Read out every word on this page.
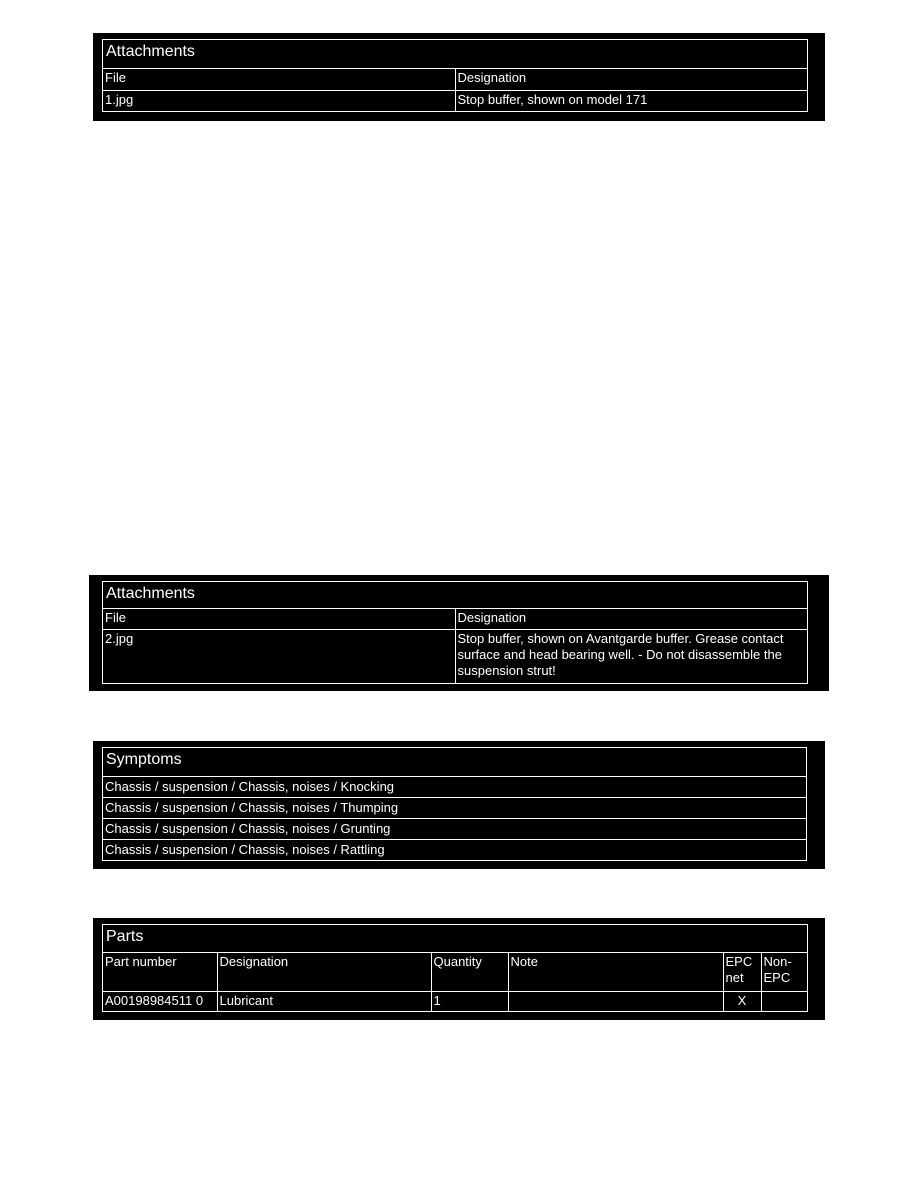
Attachments
File	Designation
1.jpg	Stop buffer, shown on model 171
Attachments
File	Designation
2.jpg	Stop buffer, shown on Avantgarde buffer. Grease contact surface and head bearing well. - Do not disassemble the suspension strut!
Symptoms
Chassis / suspension / Chassis, noises / Knocking
Chassis / suspension / Chassis, noises / Thumping
Chassis / suspension / Chassis, noises / Grunting
Chassis / suspension / Chassis, noises / Rattling
Parts
Part number	Designation	Quantity	Note	EPC net	Non-EPC
A00198984511 0	Lubricant	1		X	
